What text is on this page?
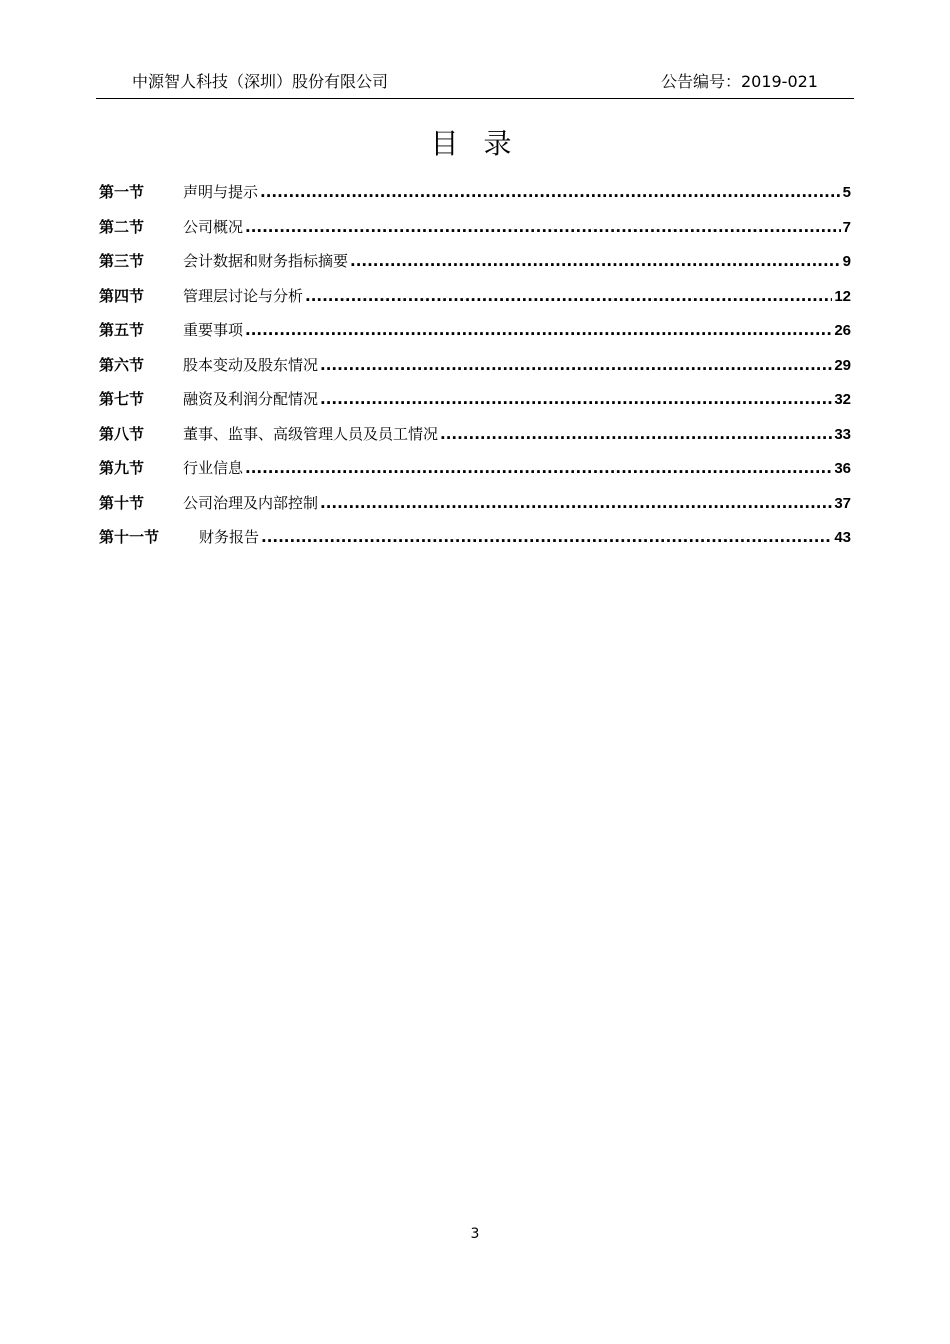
中源智人科技（深圳）股份有限公司	公告编号：2019-021
目 录
第一节	声明与提示 .....	5
第二节	公司概况 .....	7
第三节	会计数据和财务指标摘要 .....	9
第四节	管理层讨论与分析 .....	12
第五节	重要事项 .....	26
第六节	股本变动及股东情况 .....	29
第七节	融资及利润分配情况 .....	32
第八节	董事、监事、高级管理人员及员工情况 .....	33
第九节	行业信息 .....	36
第十节	公司治理及内部控制 .....	37
第十一节	财务报告 .....	43
3
